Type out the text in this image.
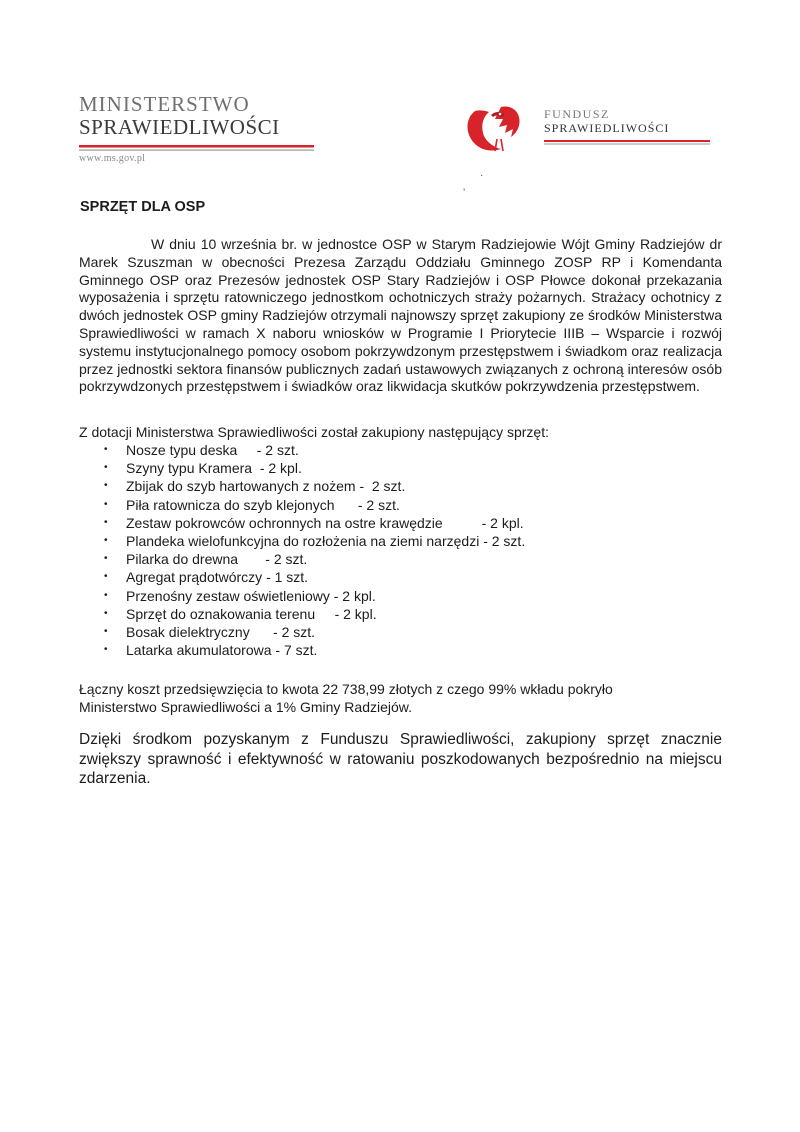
MINISTERSTWO

SPRAWIEDLIWOŚCI

www.ms.gov.pl

FUNDUSZ

SPRAWIEDLIWOŚCI

ʼ
·
SPRZĘT DLA OSP

W dniu 10 września br. w jednostce OSP w Starym Radziejowie Wójt Gminy Radziejów dr Marek Szuszman w obecności Prezesa Zarządu Oddziału Gminnego ZOSP RP i Komendanta Gminnego OSP oraz Prezesów jednostek OSP Stary Radziejów i OSP Płowce dokonał przekazania wyposażenia i sprzętu ratowniczego jednostkom ochotniczych straży pożarnych. Strażacy ochotnicy z dwóch jednostek OSP gminy Radziejów otrzymali najnowszy sprzęt zakupiony ze środków Ministerstwa Sprawiedliwości w ramach X naboru wniosków w Programie I Priorytecie IIIB – Wsparcie i rozwój systemu instytucjonalnego pomocy osobom pokrzywdzonym przestępstwem i świadkom oraz realizacja przez jednostki sektora finansów publicznych zadań ustawowych związanych z ochroną interesów osób pokrzywdzonych przestępstwem i świadków oraz likwidacja skutków pokrzywdzenia przestępstwem.

Z dotacji Ministerstwa Sprawiedliwości został zakupiony następujący sprzęt:

• Nosze typu deska     - 2 szt.
• Szyny typu Kramera  - 2 kpl.
• Zbijak do szyb hartowanych z nożem -  2 szt.
• Piła ratownicza do szyb klejonych      - 2 szt.
• Zestaw pokrowców ochronnych na ostre krawędzie          - 2 kpl.
• Plandeka wielofunkcyjna do rozłożenia na ziemi narzędzi - 2 szt.
• Pilarka do drewna       - 2 szt.
• Agregat prądotwórczy - 1 szt.
• Przenośny zestaw oświetleniowy - 2 kpl.
• Sprzęt do oznakowania terenu     - 2 kpl.
• Bosak dielektryczny      - 2 szt.
• Latarka akumulatorowa - 7 szt.
Łączny koszt przedsięwzięcia to kwota 22 738,99 złotych z czego 99% wkładu pokryło
Ministerstwo Sprawiedliwości a 1% Gminy Radziejów.

Dzięki środkom pozyskanym z Funduszu Sprawiedliwości, zakupiony sprzęt znacznie zwiększy sprawność i efektywność w ratowaniu poszkodowanych bezpośrednio na miejscu zdarzenia.
